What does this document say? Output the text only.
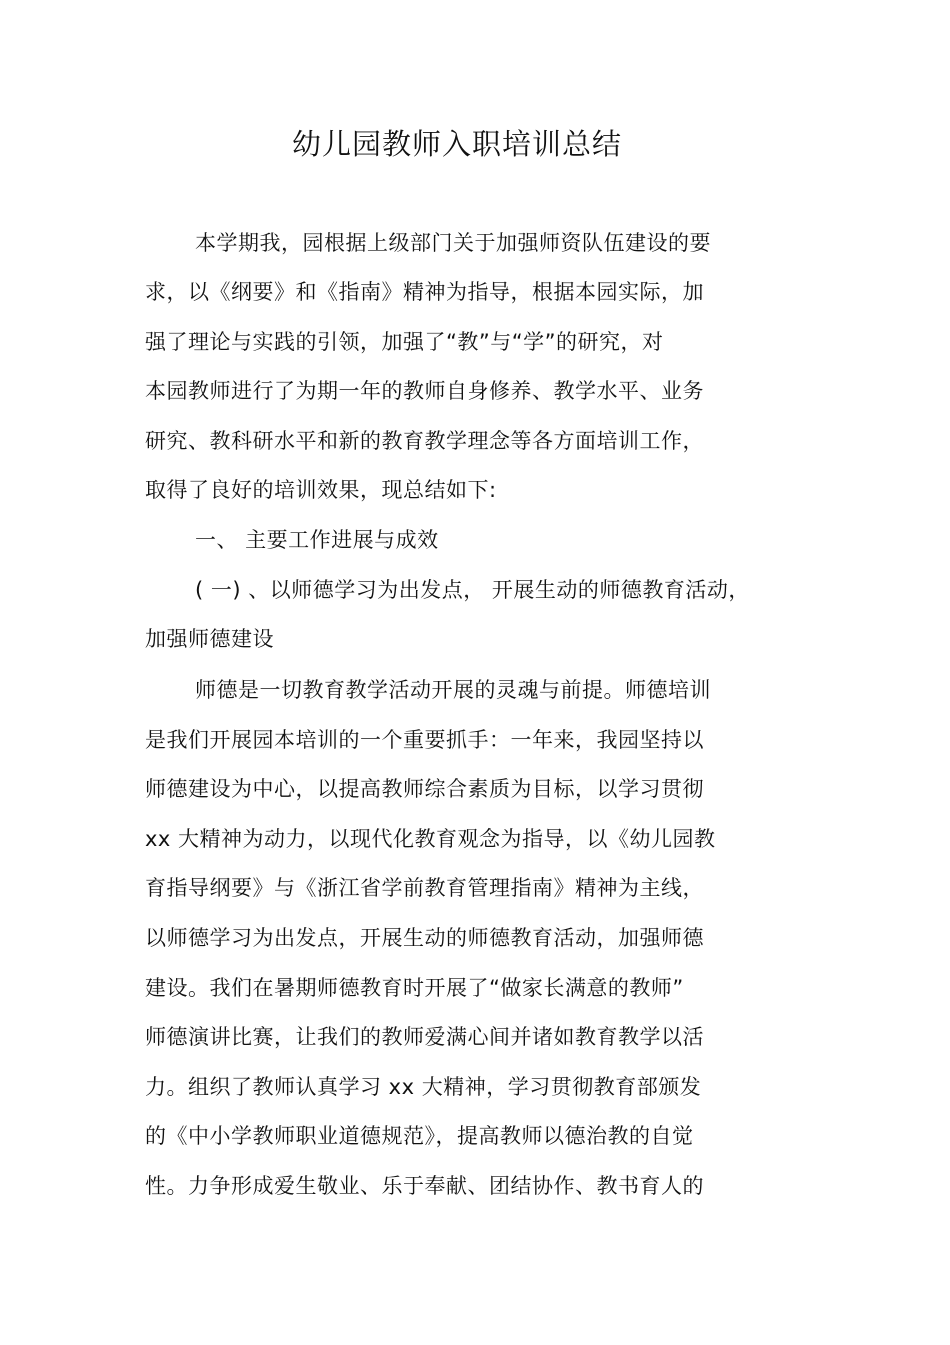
幼儿园教师入职培训总结
本学期我，园根据上级部门关于加强师资队伍建设的要
求，以《纲要》和《指南》精神为指导，根据本园实际，加
强了理论与实践的引领，加强了“教”与“学”的研究，对
本园教师进行了为期一年的教师自身修养、教学水平、业务
研究、教科研水平和新的教育教学理念等各方面培训工作，
取得了良好的培训效果，现总结如下:
一、 主要工作进展与成效
( 一) 、以师德学习为出发点， 开展生动的师德教育活动，
加强师德建设
师德是一切教育教学活动开展的灵魂与前提。师德培训
是我们开展园本培训的一个重要抓手：一年来，我园坚持以
师德建设为中心，以提高教师综合素质为目标，以学习贯彻
xx 大精神为动力，以现代化教育观念为指导，以《幼儿园教
育指导纲要》与《浙江省学前教育管理指南》精神为主线，
以师德学习为出发点，开展生动的师德教育活动，加强师德
建设。我们在暑期师德教育时开展了“做家长满意的教师”
师德演讲比赛，让我们的教师爱满心间并诸如教育教学以活
力。组织了教师认真学习 xx 大精神，学习贯彻教育部颁发
的《中小学教师职业道德规范》，提高教师以德治教的自觉
性。力争形成爱生敬业、乐于奉献、团结协作、教书育人的
